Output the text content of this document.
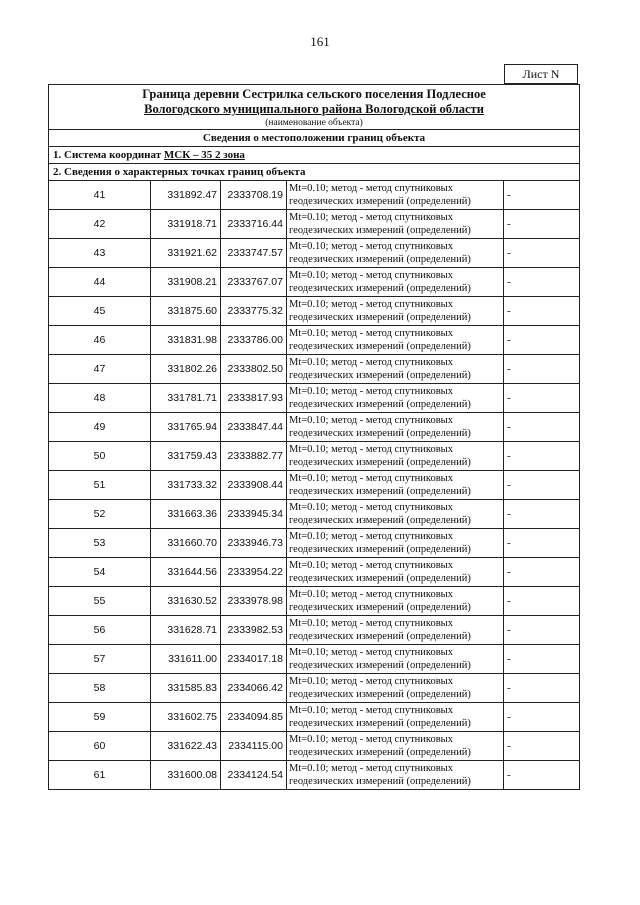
161
Лист N
Граница деревни Сестрилка сельского поселения Подлесное
Вологодского муниципального района Вологодской области
(наименование объекта)				

Сведения о местоположении границ объекта				
1. Система координат МСК – 35 2 зона				
2. Сведения о характерных точках границ объекта				
41	331892.47	2333708.19	Mt=0.10; метод - метод спутниковых
геодезических измерений (определений)	-
42	331918.71	2333716.44	Mt=0.10; метод - метод спутниковых
геодезических измерений (определений)	-
43	331921.62	2333747.57	Mt=0.10; метод - метод спутниковых
геодезических измерений (определений)	-
44	331908.21	2333767.07	Mt=0.10; метод - метод спутниковых
геодезических измерений (определений)	-
45	331875.60	2333775.32	Mt=0.10; метод - метод спутниковых
геодезических измерений (определений)	-
46	331831.98	2333786.00	Mt=0.10; метод - метод спутниковых
геодезических измерений (определений)	-
47	331802.26	2333802.50	Mt=0.10; метод - метод спутниковых
геодезических измерений (определений)	-
48	331781.71	2333817.93	Mt=0.10; метод - метод спутниковых
геодезических измерений (определений)	-
49	331765.94	2333847.44	Mt=0.10; метод - метод спутниковых
геодезических измерений (определений)	-
50	331759.43	2333882.77	Mt=0.10; метод - метод спутниковых
геодезических измерений (определений)	-
51	331733.32	2333908.44	Mt=0.10; метод - метод спутниковых
геодезических измерений (определений)	-
52	331663.36	2333945.34	Mt=0.10; метод - метод спутниковых
геодезических измерений (определений)	-
53	331660.70	2333946.73	Mt=0.10; метод - метод спутниковых
геодезических измерений (определений)	-
54	331644.56	2333954.22	Mt=0.10; метод - метод спутниковых
геодезических измерений (определений)	-
55	331630.52	2333978.98	Mt=0.10; метод - метод спутниковых
геодезических измерений (определений)	-
56	331628.71	2333982.53	Mt=0.10; метод - метод спутниковых
геодезических измерений (определений)	-
57	331611.00	2334017.18	Mt=0.10; метод - метод спутниковых
геодезических измерений (определений)	-
58	331585.83	2334066.42	Mt=0.10; метод - метод спутниковых
геодезических измерений (определений)	-
59	331602.75	2334094.85	Mt=0.10; метод - метод спутниковых
геодезических измерений (определений)	-
60	331622.43	2334115.00	Mt=0.10; метод - метод спутниковых
геодезических измерений (определений)	-
61	331600.08	2334124.54	Mt=0.10; метод - метод спутниковых
геодезических измерений (определений)	-
